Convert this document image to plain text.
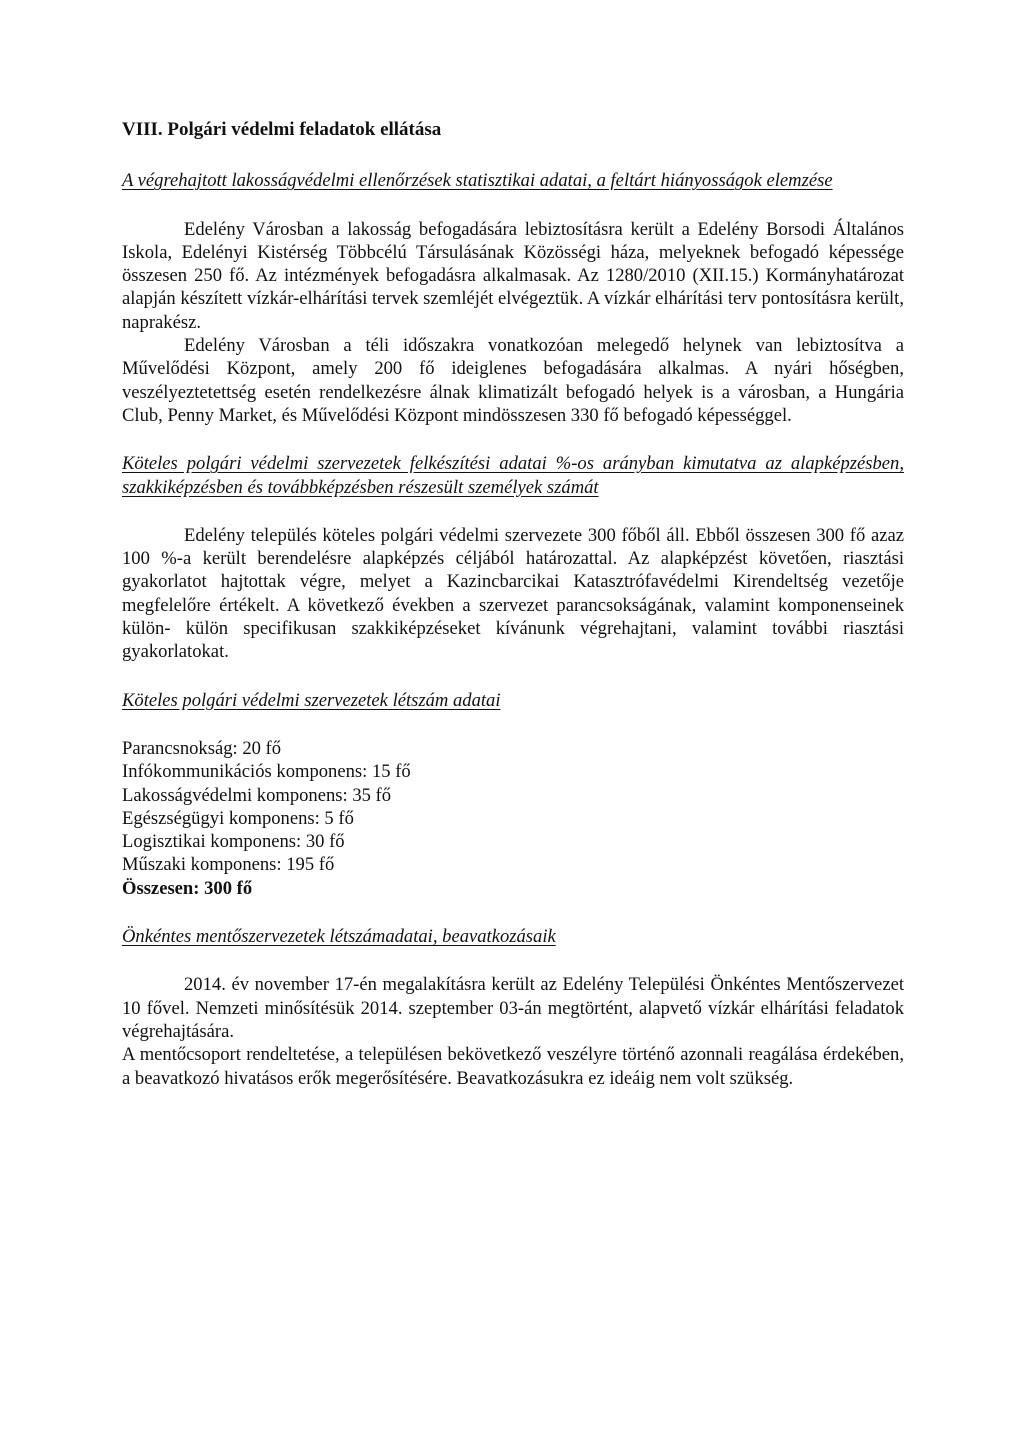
VIII. Polgári védelmi feladatok ellátása

A végrehajtott lakosságvédelmi ellenőrzések statisztikai adatai, a feltárt hiányosságok elemzése

Edelény Városban a lakosság befogadására lebiztosításra került a Edelény Borsodi Általános Iskola, Edelényi Kistérség Többcélú Társulásának Közösségi háza, melyeknek befogadó képessége összesen 250 fő. Az intézmények befogadásra alkalmasak. Az 1280/2010 (XII.15.) Kormányhatározat alapján készített vízkár-elhárítási tervek szemléjét elvégeztük. A vízkár elhárítási terv pontosításra került, naprakész.

Edelény Városban a téli időszakra vonatkozóan melegedő helynek van lebiztosítva a Művelődési Központ, amely 200 fő ideiglenes befogadására alkalmas. A nyári hőségben, veszélyeztetettség esetén rendelkezésre álnak klimatizált befogadó helyek is a városban, a Hungária Club, Penny Market, és Művelődési Központ mindösszesen 330 fő befogadó képességgel.

Köteles polgári védelmi szervezetek felkészítési adatai %-os arányban kimutatva az alapképzésben, szakkiképzésben és továbbképzésben részesült személyek számát

Edelény település köteles polgári védelmi szervezete 300 főből áll. Ebből összesen 300 fő azaz 100 %-a került berendelésre alapképzés céljából határozattal. Az alapképzést követően, riasztási gyakorlatot hajtottak végre, melyet a Kazincbarcikai Katasztrófavédelmi Kirendeltség vezetője megfelelőre értékelt. A következő években a szervezet parancsokságának, valamint komponenseinek külön- külön specifikusan szakkiképzéseket kívánunk végrehajtani, valamint további riasztási gyakorlatokat.

Köteles polgári védelmi szervezetek létszám adatai

Parancsnokság: 20 fő
Infókommunikációs komponens: 15 fő
Lakosságvédelmi komponens: 35 fő
Egészségügyi komponens: 5 fő
Logisztikai komponens: 30 fő
Műszaki komponens: 195 fő
Összesen: 300 fő

Önkéntes mentőszervezetek létszámadatai, beavatkozásaik

2014. év november 17-én megalakításra került az Edelény Települési Önkéntes Mentőszervezet 10 fővel. Nemzeti minősítésük 2014. szeptember 03-án megtörtént, alapvető vízkár elhárítási feladatok végrehajtására.

A mentőcsoport rendeltetése, a településen bekövetkező veszélyre történő azonnali reagálása érdekében, a beavatkozó hivatásos erők megerősítésére. Beavatkozásukra ez ideáig nem volt szükség.
